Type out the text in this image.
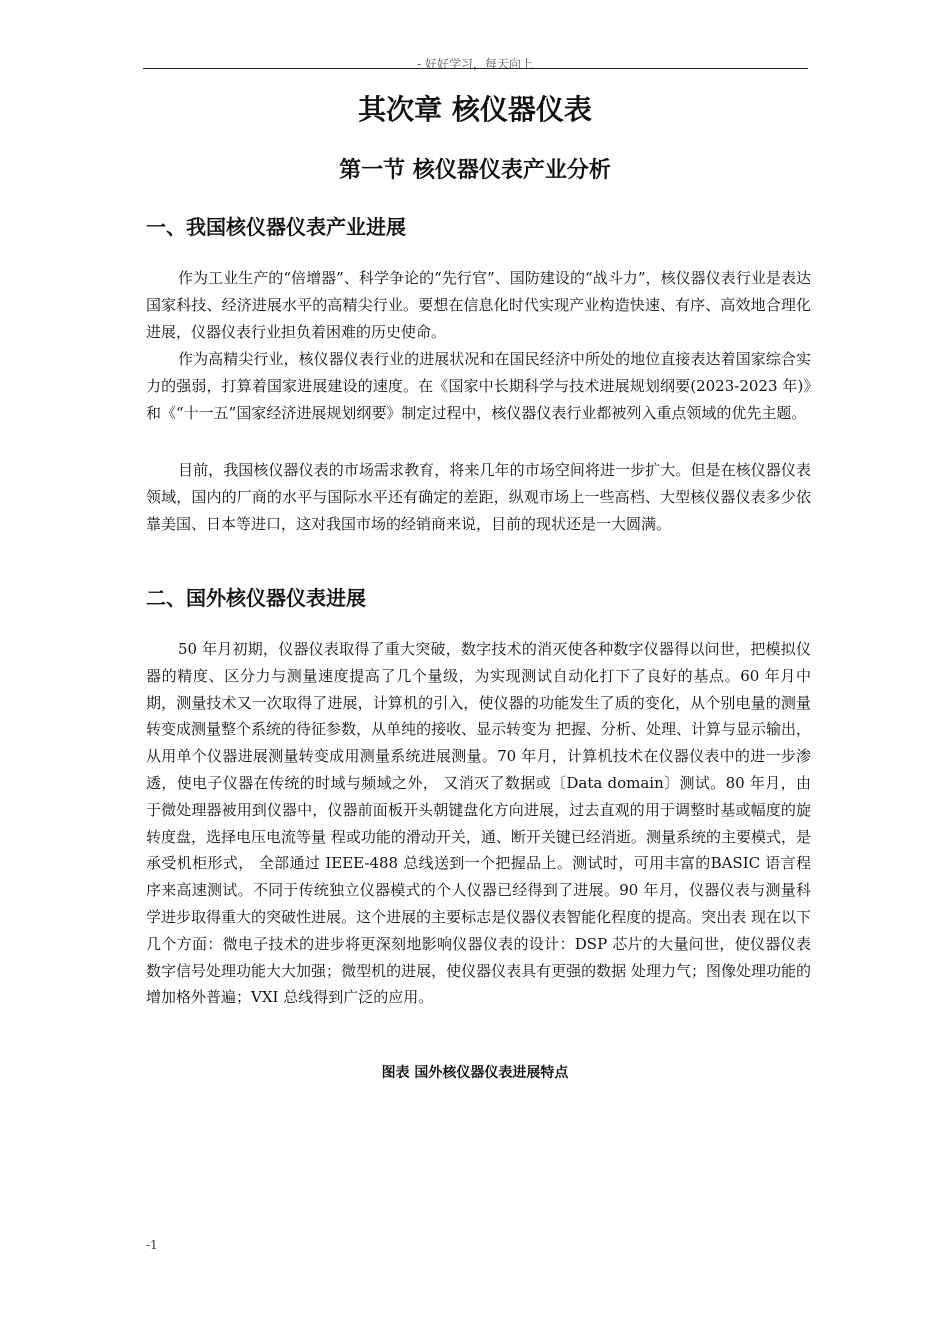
- 好好学习，每天向上
其次章 核仪器仪表
第一节 核仪器仪表产业分析
一、我国核仪器仪表产业进展

作为工业生产的“倍增器”、科学争论的“先行官”、国防建设的“战斗力”，核仪器仪表行业是表达国家科技、经济进展水平的高精尖行业。要想在信息化时代实现产业构造快速、有序、高效地合理化进展，仪器仪表行业担负着困难的历史使命。

作为高精尖行业，核仪器仪表行业的进展状况和在国民经济中所处的地位直接表达着国家综合实力的强弱，打算着国家进展建设的速度。在《国家中长期科学与技术进展规划纲要(2023-2023 年)》和《“十一五”国家经济进展规划纲要》制定过程中，核仪器仪表行业都被列入重点领域的优先主题。

目前，我国核仪器仪表的市场需求教育，将来几年的市场空间将进一步扩大。但是在核仪器仪表领域，国内的厂商的水平与国际水平还有确定的差距，纵观市场上一些高档、大型核仪器仪表多少依靠美国、日本等进口，这对我国市场的经销商来说，目前的现状还是一大圆满。

二、国外核仪器仪表进展

50 年月初期，仪器仪表取得了重大突破，数字技术的消灭使各种数字仪器得以问世，把模拟仪器的精度、区分力与测量速度提高了几个量级，为实现测试自动化打下了良好的基点。60 年月中期，测量技术又一次取得了进展，计算机的引入，使仪器的功能发生了质的变化，从个别电量的测量转变成测量整个系统的待征参数，从单纯的接收、显示转变为 把握、分析、处理、计算与显示输出，从用单个仪器进展测量转变成用测量系统进展测量。70 年月，计算机技术在仪器仪表中的进一步渗透，使电子仪器在传统的时域与频域之外， 又消灭了数据或〔Data domain〕测试。80 年月，由于微处理器被用到仪器中，仪器前面板开头朝键盘化方向进展，过去直观的用于调整时基或幅度的旋转度盘，选择电压电流等量 程或功能的滑动开关，通、断开关键已经消逝。测量系统的主要模式，是承受机柜形式， 全部通过 IEEE-488 总线送到一个把握品上。测试时，可用丰富的BASIC 语言程序来高速测试。不同于传统独立仪器模式的个人仪器已经得到了进展。90 年月，仪器仪表与测量科学进步取得重大的突破性进展。这个进展的主要标志是仪器仪表智能化程度的提高。突出表 现在以下几个方面：微电子技术的进步将更深刻地影响仪器仪表的设计：DSP 芯片的大量问世，使仪器仪表数字信号处理功能大大加强；微型机的进展，使仪器仪表具有更强的数据 处理力气；图像处理功能的增加格外普遍；VXI 总线得到广泛的应用。

图表 国外核仪器仪表进展特点
-1
